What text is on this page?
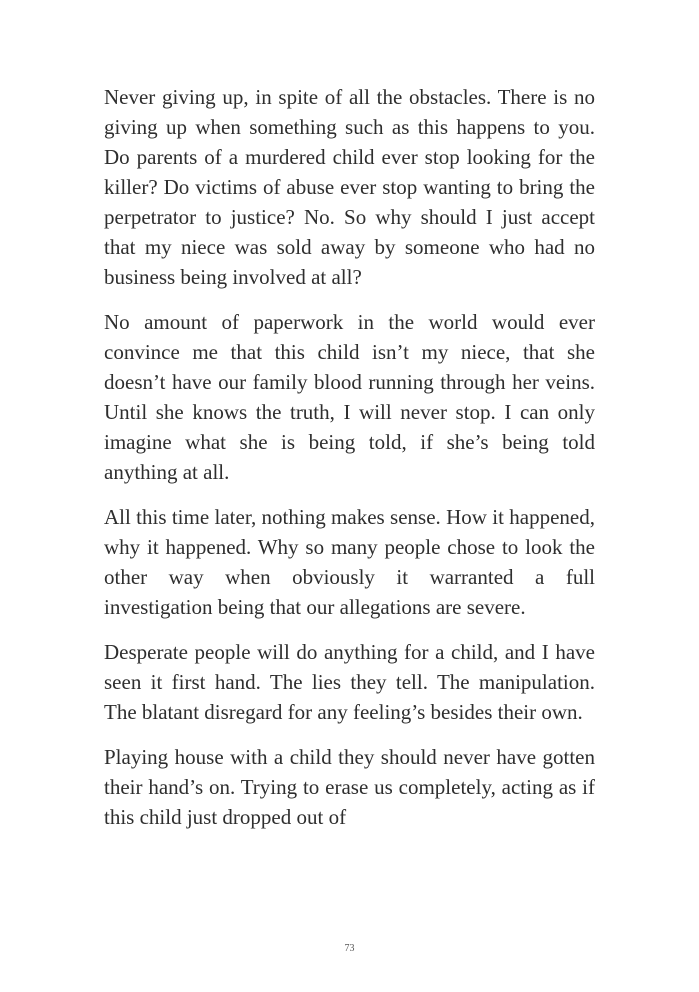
Never giving up, in spite of all the obstacles. There is no giving up when something such as this happens to you. Do parents of a murdered child ever stop looking for the killer? Do victims of abuse ever stop wanting to bring the perpetrator to justice? No. So why should I just accept that my niece was sold away by someone who had no business being involved at all?

No amount of paperwork in the world would ever convince me that this child isn’t my niece, that she doesn’t have our family blood running through her veins. Until she knows the truth, I will never stop. I can only imagine what she is being told, if she’s being told anything at all.

All this time later, nothing makes sense. How it happened, why it happened. Why so many people chose to look the other way when obviously it warranted a full investigation being that our allegations are severe.

Desperate people will do anything for a child, and I have seen it first hand. The lies they tell. The manipulation. The blatant disregard for any feeling’s besides their own.

Playing house with a child they should never have gotten their hand’s on. Trying to erase us completely, acting as if this child just dropped out of

73
